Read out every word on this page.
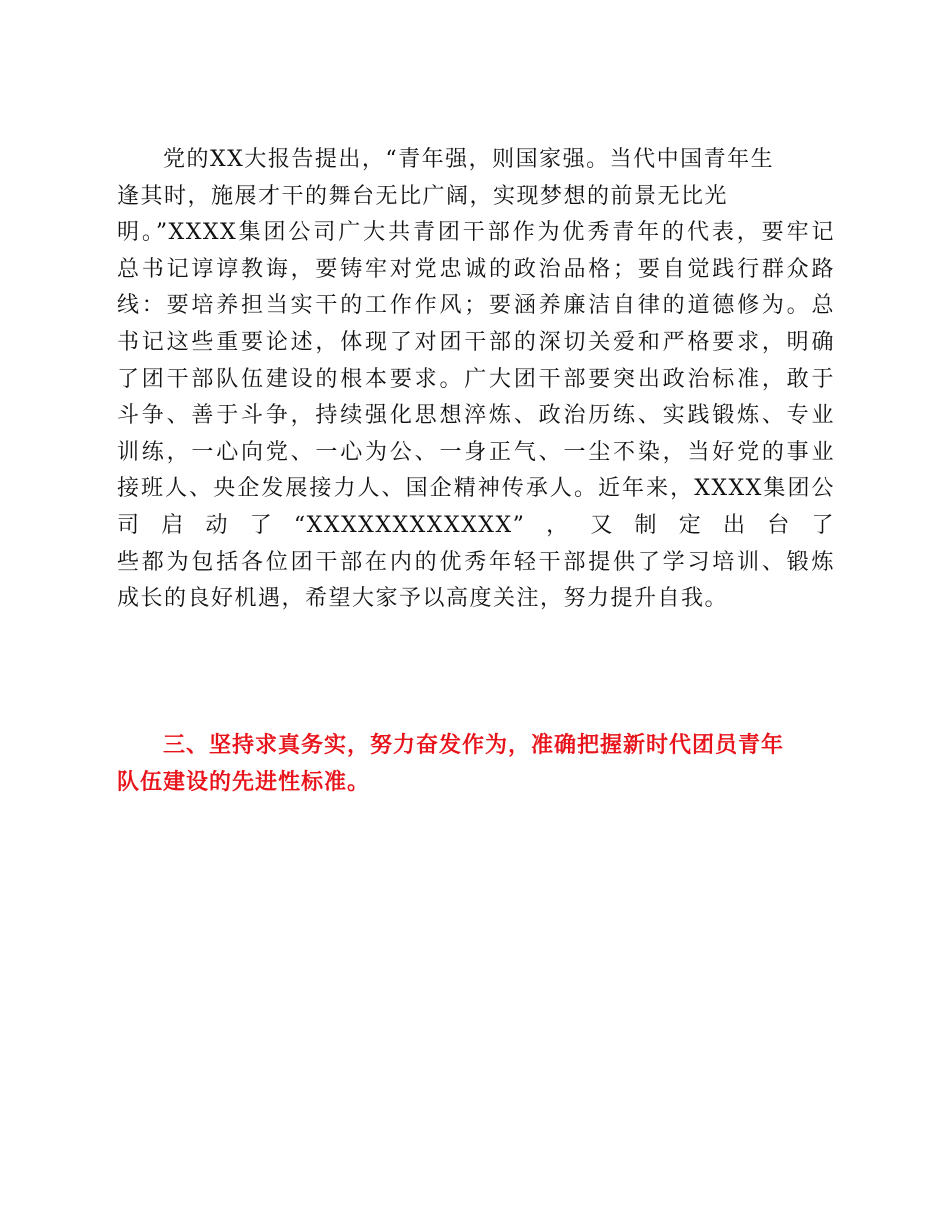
党的XX大报告提出，“青年强，则国家强。当代中国青年生
逢其时，施展才干的舞台无比广阔，实现梦想的前景无比光
明。”XXXX集团公司广大共青团干部作为优秀青年的代表，要牢记
总书记谆谆教诲，要铸牢对党忠诚的政治品格；要自觉践行群众路
线：要培养担当实干的工作作风；要涵养廉洁自律的道德修为。总
书记这些重要论述，体现了对团干部的深切关爱和严格要求，明确
了团干部队伍建设的根本要求。广大团干部要突出政治标准，敢于
斗争、善于斗争，持续强化思想淬炼、政治历练、实践锻炼、专业
训练，一心向党、一心为公、一身正气、一尘不染，当好党的事业
接班人、央企发展接力人、国企精神传承人。近年来，XXXX集团公
司启动了“XXXXXXXXXXXX”，又制定出台了
些都为包括各位团干部在内的优秀年轻干部提供了学习培训、锻炼
成长的良好机遇，希望大家予以高度关注，努力提升自我。
三、坚持求真务实，努力奋发作为，准确把握新时代团员青年
队伍建设的先进性标准。
